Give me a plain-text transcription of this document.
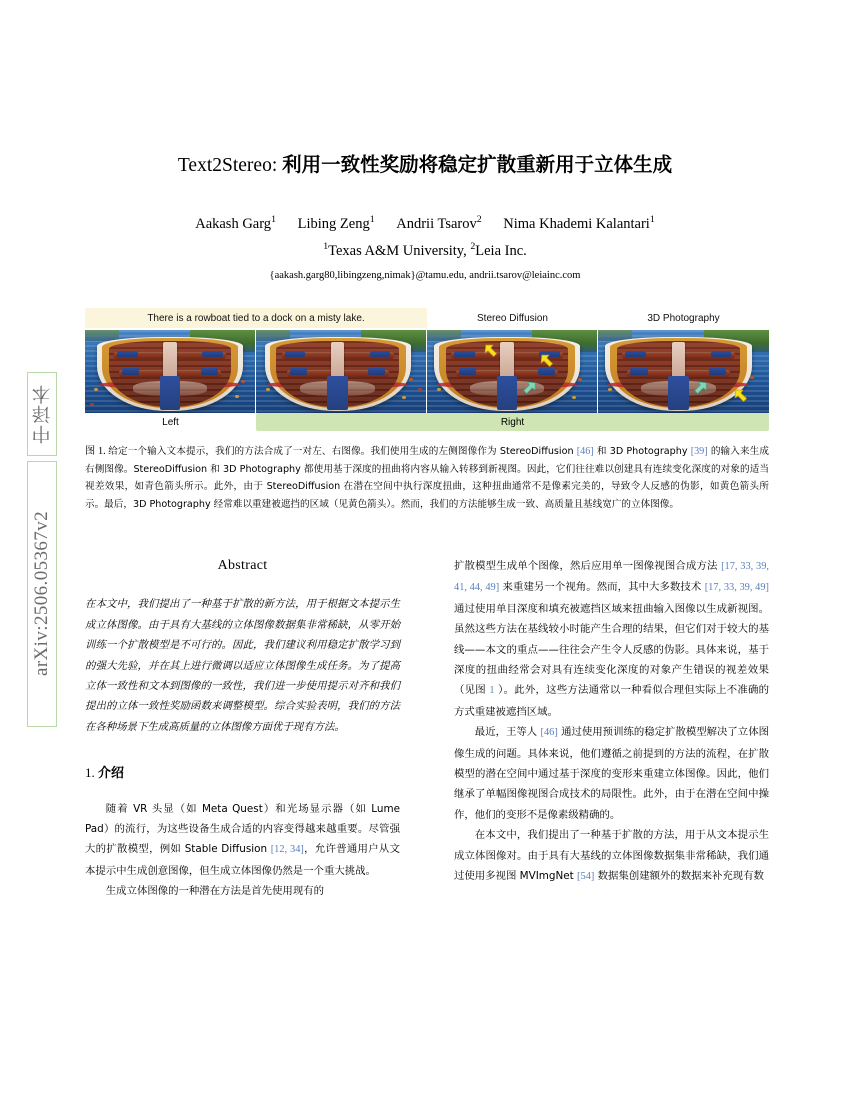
中译本
arXiv:2506.05367v2
Text2Stereo: 利用一致性奖励将稳定扩散重新用于立体生成
Aakash Garg$^1$ Libing Zeng$^1$ Andrii Tsarov$^2$ Nima Khademi Kalantari$^1$
$^1$Texas A&M University, $^2$Leia Inc.
{aakash.garg80,libingzeng,nimak}@tamu.edu, andrii.tsarov@leiainc.com
There is a rowboat tied to a dock on a misty lake.	Stereo Diffusion	3D Photography
Left	Right
图 1. 给定一个输入文本提示，我们的方法合成了一对左、右图像。我们使用生成的左侧图像作为 StereoDiffusion [46] 和 3D Photography [39] 的输入来生成右侧图像。StereoDiffusion 和 3D Photography 都使用基于深度的扭曲将内容从输入转移到新视图。因此，它们往往难以创建具有连续变化深度的对象的适当视差效果，如青色箭头所示。此外，由于 StereoDiffusion 在潜在空间中执行深度扭曲，这种扭曲通常不是像素完美的，导致令人反感的伪影，如黄色箭头所示。最后，3D Photography 经常难以重建被遮挡的区域（见黄色箭头）。然而，我们的方法能够生成一致、高质量且基线宽广的立体图像。
Abstract

在本文中，我们提出了一种基于扩散的新方法，用于根据文本提示生成立体图像。由于具有大基线的立体图像数据集非常稀缺，从零开始训练一个扩散模型是不可行的。因此，我们建议利用稳定扩散学习到的强大先验，并在其上进行微调以适应立体图像生成任务。为了提高立体一致性和文本到图像的一致性，我们进一步使用提示对齐和我们提出的立体一致性奖励函数来调整模型。综合实验表明，我们的方法在各种场景下生成高质量的立体图像方面优于现有方法。

1. 介绍

随着 VR 头显（如 Meta Quest）和光场显示器（如 Lume Pad）的流行，为这些设备生成合适的内容变得越来越重要。尽管强大的扩散模型，例如 Stable Diffusion [12, 34]，允许普通用户从文本提示中生成创意图像，但生成立体图像仍然是一个重大挑战。

生成立体图像的一种潜在方法是首先使用现有的

扩散模型生成单个图像，然后应用单一图像视图合成方法 [17, 33, 39, 41, 44, 49] 来重建另一个视角。然而，其中大多数技术 [17, 33, 39, 49] 通过使用单目深度和填充被遮挡区域来扭曲输入图像以生成新视图。虽然这些方法在基线较小时能产生合理的结果，但它们对于较大的基线——本文的重点——往往会产生令人反感的伪影。具体来说，基于深度的扭曲经常会对具有连续变化深度的对象产生错误的视差效果（见图 1 ）。此外，这些方法通常以一种看似合理但实际上不准确的方式重建被遮挡区域。

最近，王等人 [46] 通过使用预训练的稳定扩散模型解决了立体图像生成的问题。具体来说，他们遵循之前提到的方法的流程，在扩散模型的潜在空间中通过基于深度的变形来重建立体图像。因此，他们继承了单幅图像视图合成技术的局限性。此外，由于在潜在空间中操作，他们的变形不是像素级精确的。

在本文中，我们提出了一种基于扩散的方法，用于从文本提示生成立体图像对。由于具有大基线的立体图像数据集非常稀缺，我们通过使用多视图 MVImgNet [54] 数据集创建额外的数据来补充现有数
